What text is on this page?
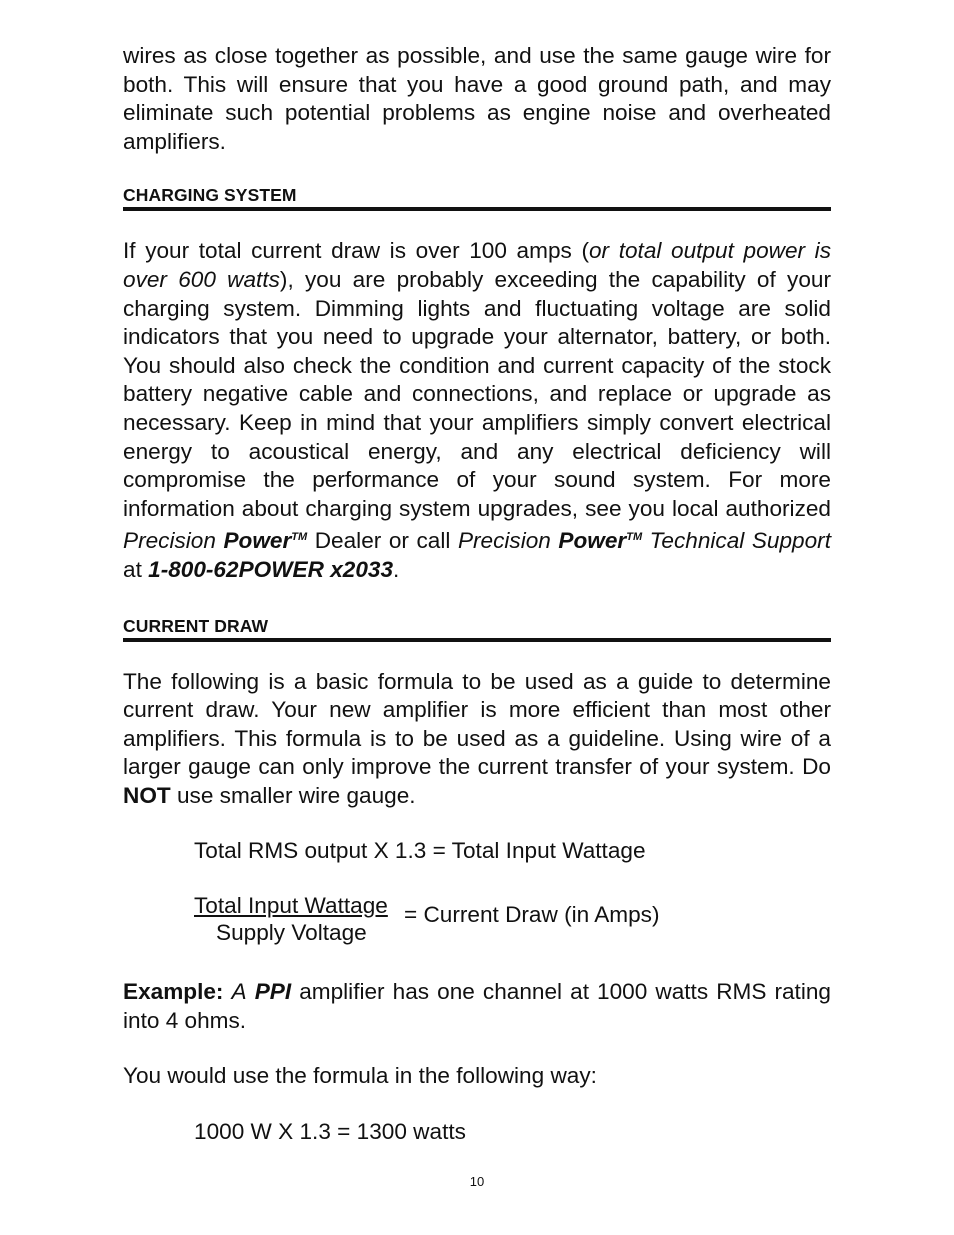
wires as close together as possible, and use the same gauge wire for both. This will ensure that you have a good ground path, and may eliminate such potential problems as engine noise and overheated amplifiers.

CHARGING SYSTEM

If your total current draw is over 100 amps (or total output power is over 600 watts), you are probably exceeding the capability of your charging system. Dimming lights and fluctuating voltage are solid indicators that you need to upgrade your alternator, battery, or both. You should also check the condition and current capacity of the stock battery negative cable and connections, and replace or upgrade as necessary. Keep in mind that your amplifiers simply convert electrical energy to acoustical energy, and any electrical deficiency will compromise the performance of your sound system. For more information about charging system upgrades, see you local authorized Precision Power™ Dealer or call Precision Power™ Technical Support at 1-800-62POWER x2033.

CURRENT DRAW

The following is a basic formula to be used as a guide to determine current draw. Your new amplifier is more efficient than most other amplifiers. This formula is to be used as a guideline. Using wire of a larger gauge can only improve the current transfer of your system. Do NOT use smaller wire gauge.

Total RMS output X 1.3 = Total Input Wattage
Total Input Wattage
Supply Voltage
= Current Draw (in Amps)

Example: A PPI amplifier has one channel at 1000 watts RMS rating into 4 ohms.

You would use the formula in the following way:

1000 W X 1.3 = 1300 watts
10
